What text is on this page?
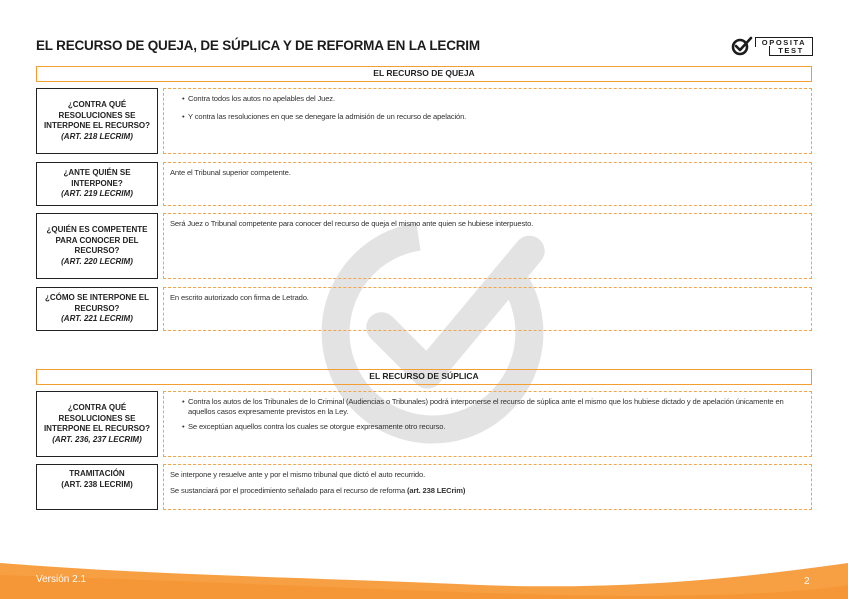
EL RECURSO DE QUEJA, DE SÚPLICA Y DE REFORMA EN LA LECRIM	OPOSITA
TEST
EL RECURSO DE QUEJA
¿CONTRA QUÉ RESOLUCIONES SE INTERPONE EL RECURSO?
(ART. 218 LECRIM)
• Contra todos los autos no apelables del Juez.
• Y contra las resoluciones en que se denegare la admisión de un recurso de apelación.
¿ANTE QUIÉN SE INTERPONE?
(ART. 219 LECRIM)
Ante el Tribunal superior competente.
¿QUIÉN ES COMPETENTE PARA CONOCER DEL RECURSO?
(ART. 220 LECRIM)
Será Juez o Tribunal competente para conocer del recurso de queja el mismo ante quien se hubiese interpuesto.
¿CÓMO SE INTERPONE EL RECURSO?
(ART. 221 LECRIM)
En escrito autorizado con firma de Letrado.
EL RECURSO DE SÚPLICA
¿CONTRA QUÉ RESOLUCIONES SE INTERPONE EL RECURSO?
(ART. 236, 237 LECRIM)
• Contra los autos de los Tribunales de lo Criminal (Audiencias o Tribunales) podrá interponerse el recurso de súplica ante el mismo que los hubiese dictado y de apelación únicamente en aquellos casos expresamente previstos en la Ley.
• Se exceptúan aquellos contra los cuales se otorgue expresamente otro recurso.
TRAMITACIÓN
(ART. 238 LECRIM)
Se interpone y resuelve ante y por el mismo tribunal que dictó el auto recurrido.
Se sustanciará por el procedimiento señalado para el recurso de reforma (art. 238 LECrim)
Versión 2.1	2
